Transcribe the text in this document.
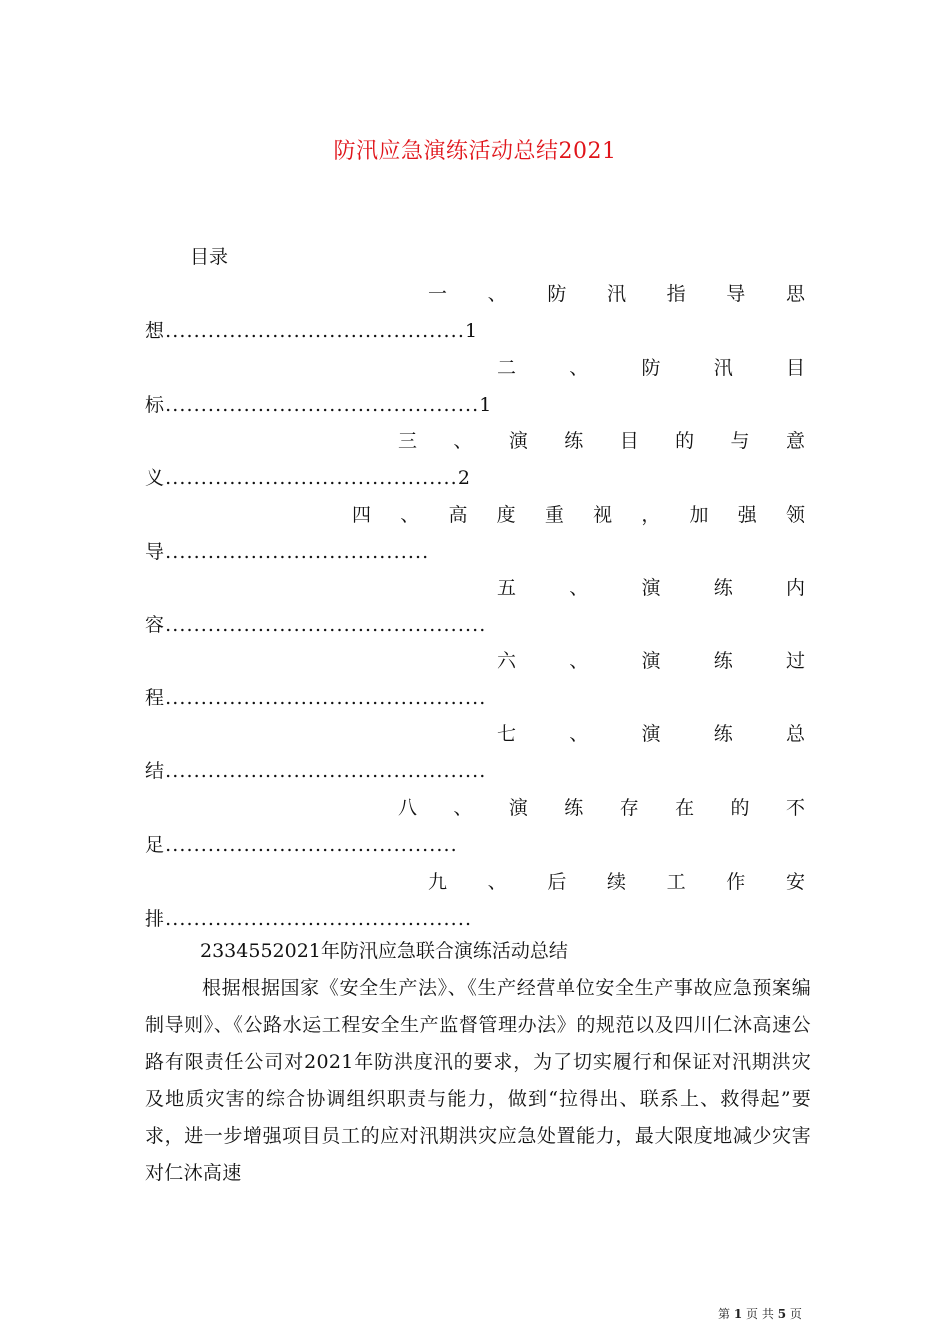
防汛应急演练活动总结2021
目录
一 、 防 汛 指 导 思
想..........................................1
二	、	防	汛	目
标............................................1
三 、 演 练 目 的 与 意
义.........................................2
四 、 高 度 重 视 ， 加 强 领
导.....................................
五	、	演	练	内
容.............................................
六	、	演	练	过
程.............................................
七	、	演	练	总
结.............................................
八 、 演 练 存 在 的 不
足.........................................
九 、 后 续 工 作 安
排...........................................
2334552021年防汛应急联合演练活动总结
根据根据国家《安全生产法》、《生产经营单位安全生产事故应急预案编制导则》、《公路水运工程安全生产监督管理办法》的规范以及四川仁沐高速公路有限责任公司对2021年防洪度汛的要求，为了切实履行和保证对汛期洪灾及地质灾害的综合协调组织职责与能力，做到“拉得出、联系上、救得起”要求，进一步增强项目员工的应对汛期洪灾应急处置能力，最大限度地减少灾害对仁沐高速
第 1 页 共 5 页
